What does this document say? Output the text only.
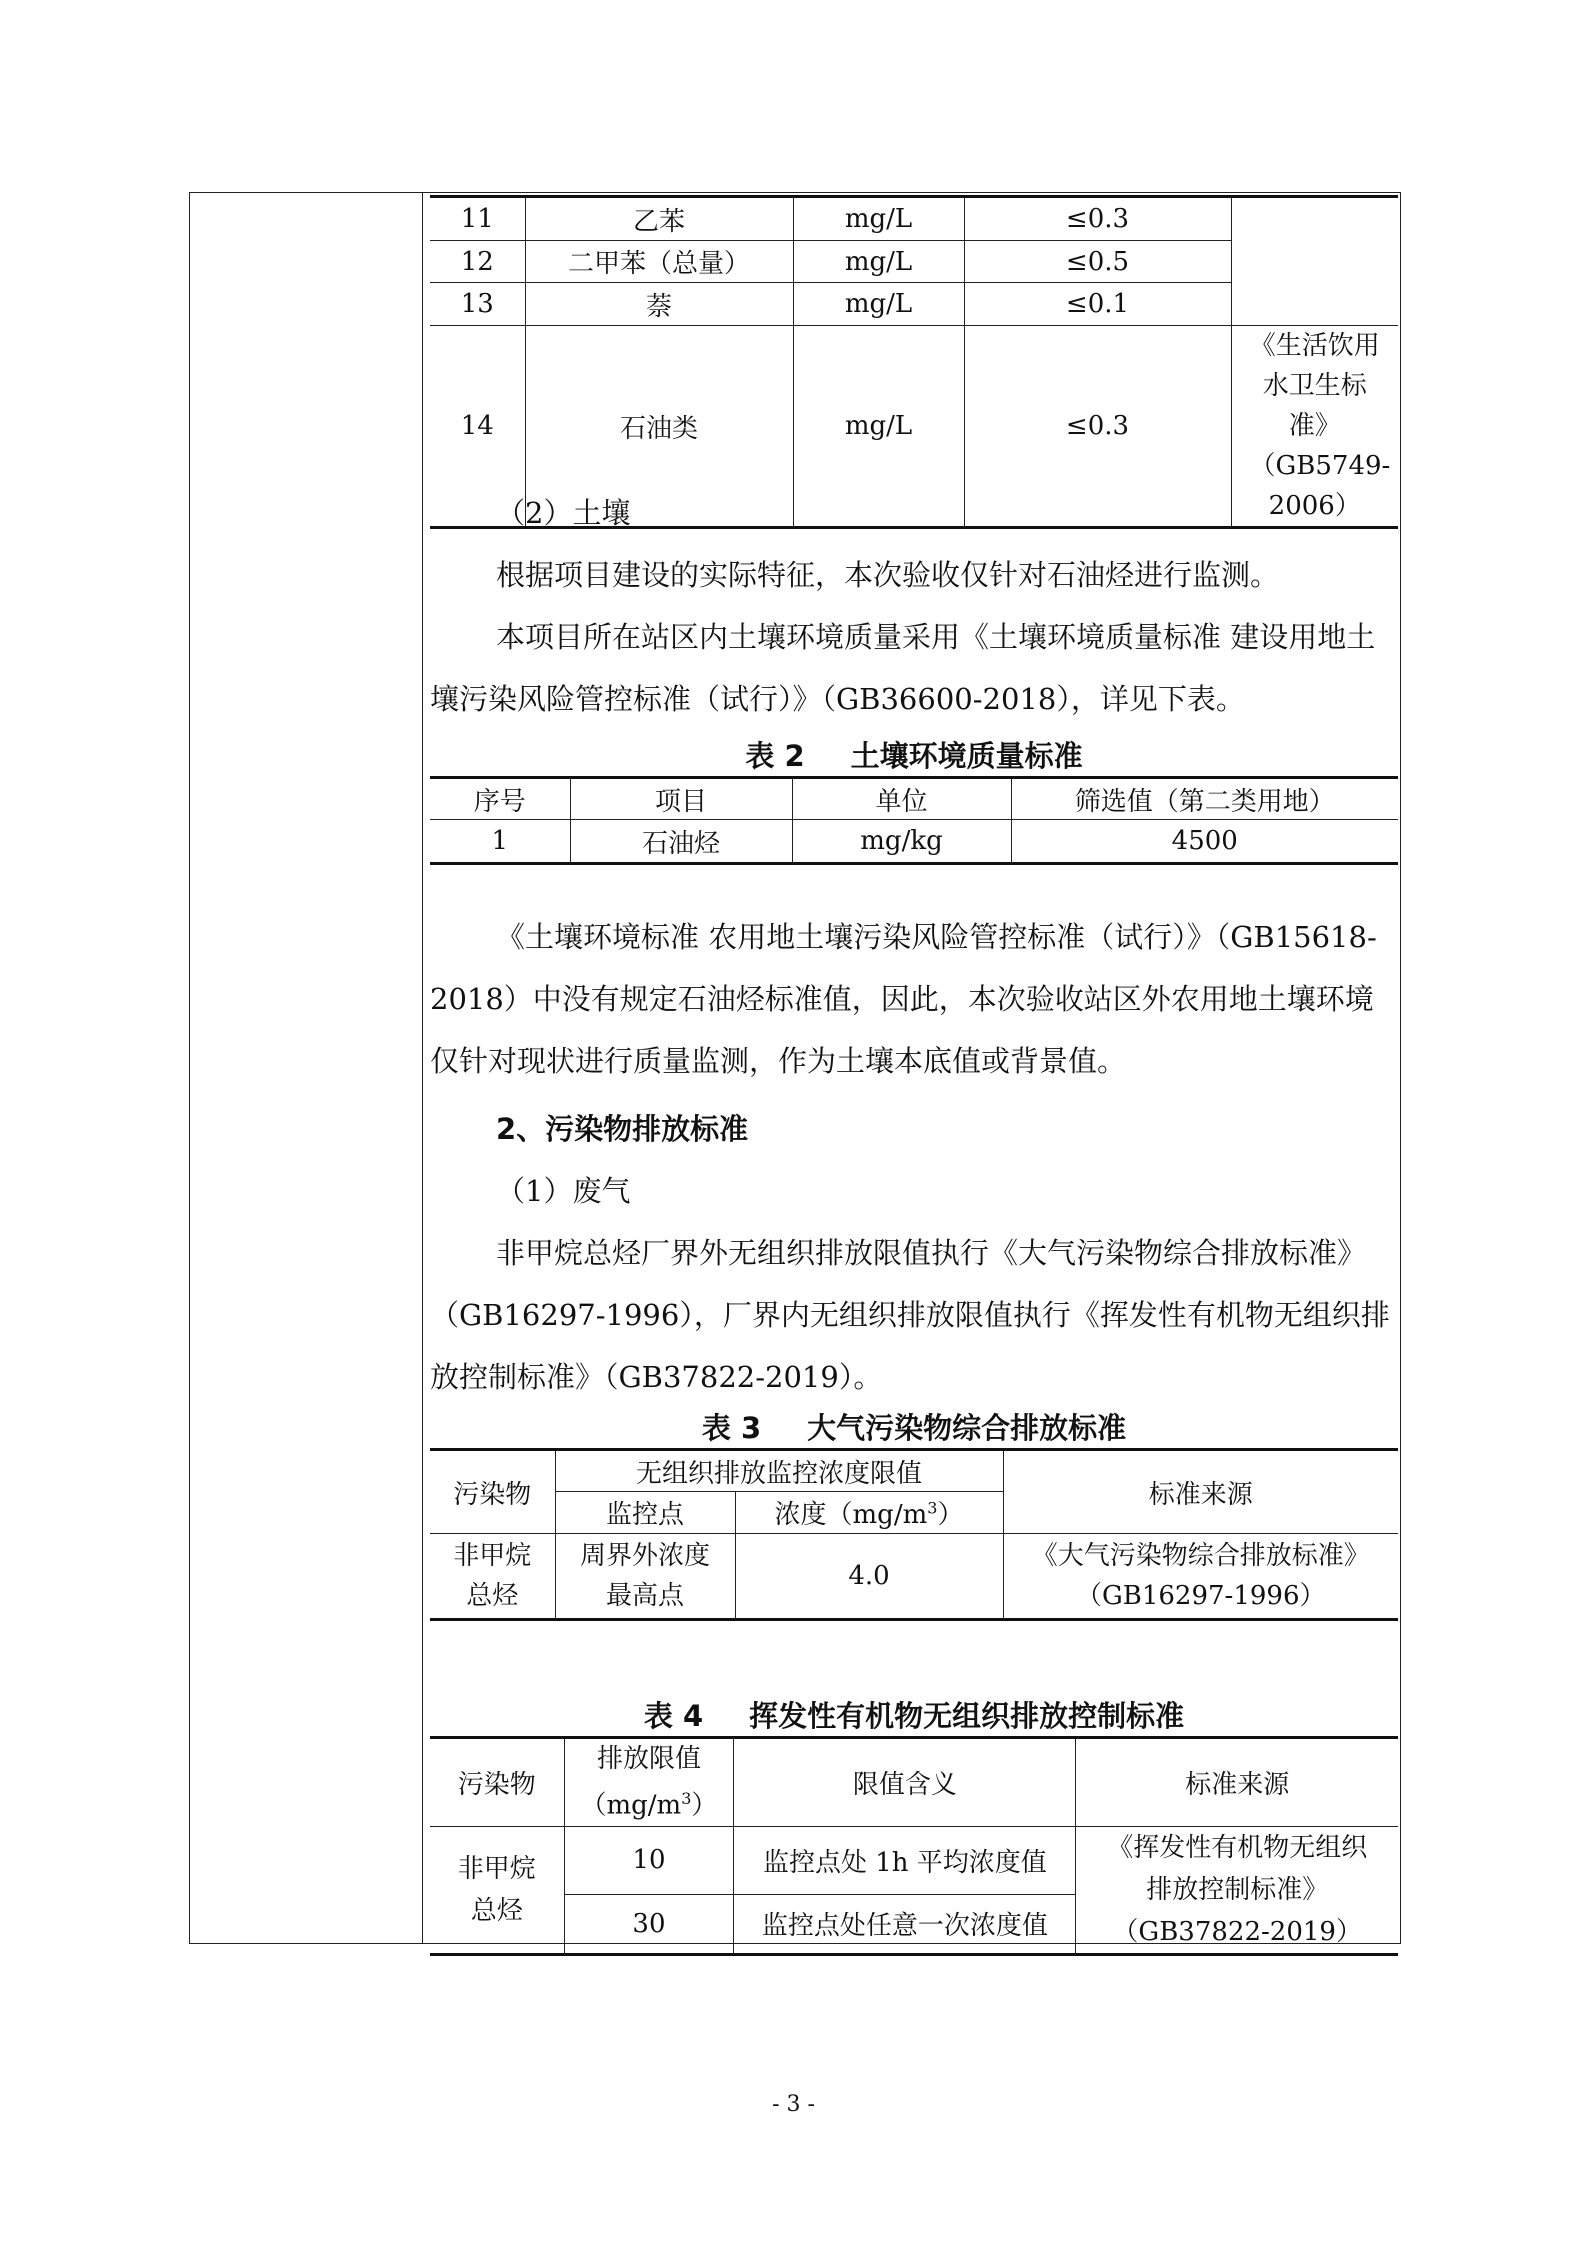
11	乙苯	mg/L	≤0.3	
12	二甲苯（总量）	mg/L	≤0.5	
13	萘	mg/L	≤0.1	
14	石油类	mg/L	≤0.3	《生活饮用水卫生标准》（GB5749-2006）
（2）土壤
根据项目建设的实际特征，本次验收仅针对石油烃进行监测。
本项目所在站区内土壤环境质量采用《土壤环境质量标准 建设用地土壤污染风险管控标准（试行）》（GB36600-2018），详见下表。
表 2 土壤环境质量标准
序号	项目	单位	筛选值（第二类用地）
1	石油烃	mg/kg	4500
《土壤环境标准 农用地土壤污染风险管控标准（试行）》（GB15618-2018）中没有规定石油烃标准值，因此，本次验收站区外农用地土壤环境仅针对现状进行质量监测，作为土壤本底值或背景值。
2、污染物排放标准
（1）废气
非甲烷总烃厂界外无组织排放限值执行《大气污染物综合排放标准》（GB16297-1996），厂界内无组织排放限值执行《挥发性有机物无组织排放控制标准》（GB37822-2019）。
表 3 大气污染物综合排放标准
污染物	无组织排放监控浓度限值		标准来源
	监控点	浓度$(mg/m^3)$	
非甲烷总烃	周界外浓度最高点	4.0	《大气污染物综合排放标准》（GB16297-1996）
表 4 挥发性有机物无组织排放控制标准
污染物	排放限值$(mg/m^3)$	限值含义	标准来源
非甲烷总烃	10	监控点处 1h 平均浓度值	《挥发性有机物无组织排放控制标准》（GB37822-2019）
	30	监控点处任意一次浓度值	
- 3 -
